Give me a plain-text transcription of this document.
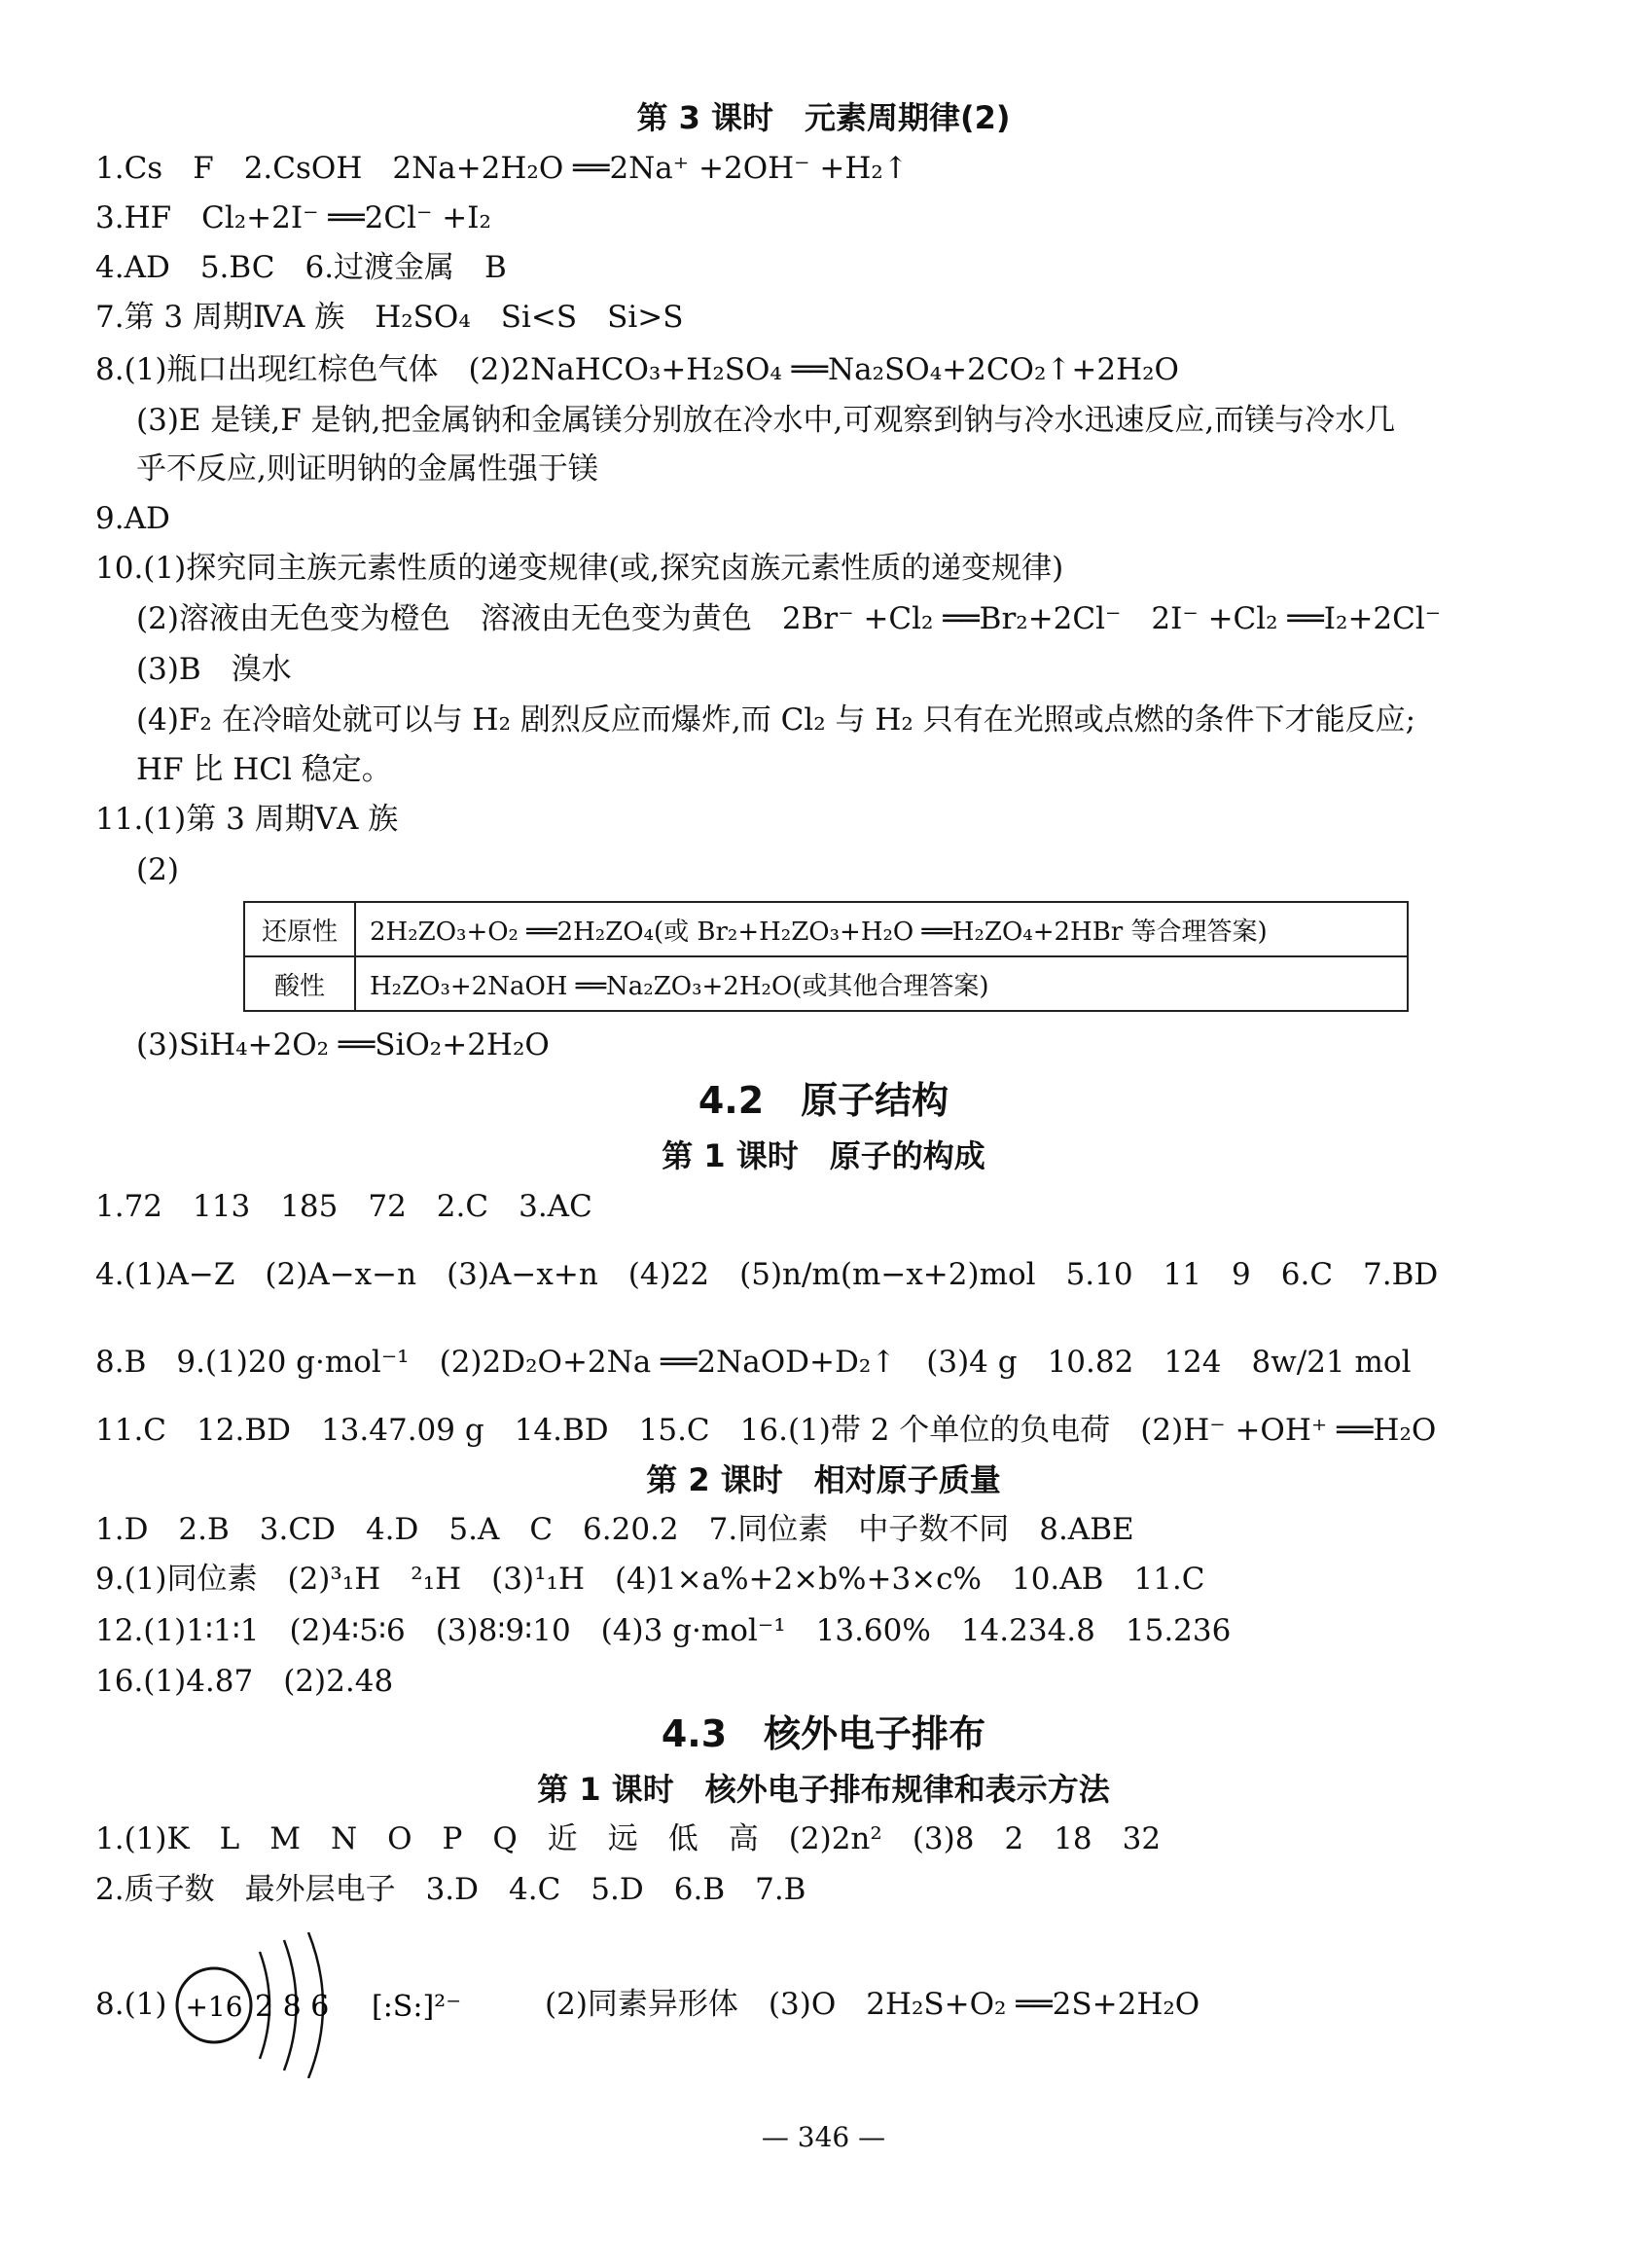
第 3 课时　元素周期律(2)
1.Cs　F　2.CsOH　2Na+2H₂O ══2Na⁺ +2OH⁻ +H₂↑
3.HF　Cl₂+2I⁻ ══2Cl⁻ +I₂
4.AD　5.BC　6.过渡金属　B
7.第 3 周期ⅣA 族　H₂SO₄　Si<S　Si>S
8.(1)瓶口出现红棕色气体　(2)2NaHCO₃+H₂SO₄ ══Na₂SO₄+2CO₂↑+2H₂O
(3)E 是镁,F 是钠,把金属钠和金属镁分别放在冷水中,可观察到钠与冷水迅速反应,而镁与冷水几
乎不反应,则证明钠的金属性强于镁
9.AD
10.(1)探究同主族元素性质的递变规律(或,探究卤族元素性质的递变规律)
(2)溶液由无色变为橙色　溶液由无色变为黄色　2Br⁻ +Cl₂ ══Br₂+2Cl⁻　2I⁻ +Cl₂ ══I₂+2Cl⁻
(3)B　溴水
(4)F₂ 在冷暗处就可以与 H₂ 剧烈反应而爆炸,而 Cl₂ 与 H₂ 只有在光照或点燃的条件下才能反应;
HF 比 HCl 稳定。
11.(1)第 3 周期ⅤA 族
(2)
还原性	2H₂ZO₃+O₂ ══2H₂ZO₄(或 Br₂+H₂ZO₃+H₂O ══H₂ZO₄+2HBr 等合理答案)
酸性	H₂ZO₃+2NaOH ══Na₂ZO₃+2H₂O(或其他合理答案)
(3)SiH₄+2O₂ ══SiO₂+2H₂O
4.2　原子结构
第 1 课时　原子的构成
1.72　113　185　72　2.C　3.AC
4.(1)A−Z　(2)A−x−n　(3)A−x+n　(4)22　(5)n/m(m−x+2)mol　5.10　11　9　6.C　7.BD
8.B　9.(1)20 g·mol⁻¹　(2)2D₂O+2Na ══2NaOD+D₂↑　(3)4 g　10.82　124　8w/21 mol
11.C　12.BD　13.47.09 g　14.BD　15.C　16.(1)带 2 个单位的负电荷　(2)H⁻ +OH⁺ ══H₂O
第 2 课时　相对原子质量
1.D　2.B　3.CD　4.D　5.A　C　6.20.2　7.同位素　中子数不同　8.ABE
9.(1)同位素　(2)³₁H　²₁H　(3)¹₁H　(4)1×a%+2×b%+3×c%　10.AB　11.C
12.(1)1∶1∶1　(2)4∶5∶6　(3)8∶9∶10　(4)3 g·mol⁻¹　13.60%　14.234.8　15.236
16.(1)4.87　(2)2.48
4.3　核外电子排布
第 1 课时　核外电子排布规律和表示方法
1.(1)K　L　M　N　O　P　Q　近　远　低　高　(2)2n²　(3)8　2　18　32
2.质子数　最外层电子　3.D　4.C　5.D　6.B　7.B
8.(1) +16 2 8 6 [:S:]²⁻	(2)同素异形体　(3)O　2H₂S+O₂ ══2S+2H₂O
— 346 —
